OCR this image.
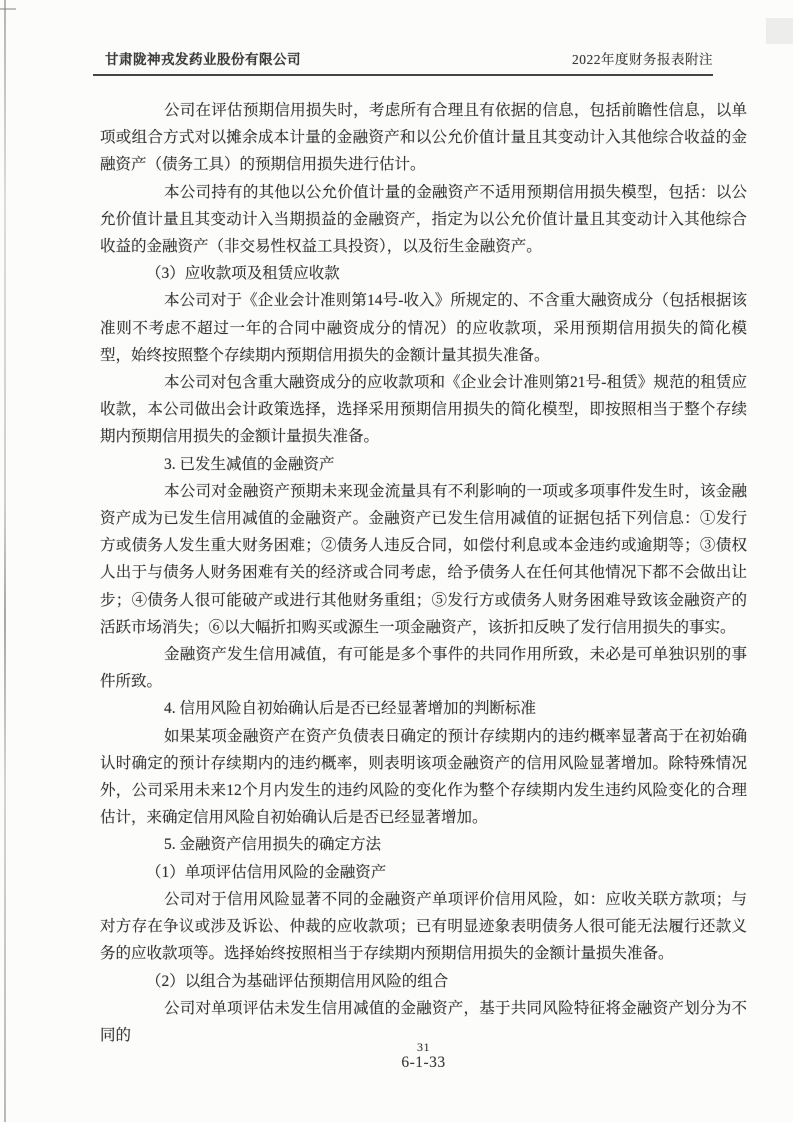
甘肃陇神戎发药业股份有限公司	2022年度财务报表附注

公司在评估预期信用损失时，考虑所有合理且有依据的信息，包括前瞻性信息，以单项或组合方式对以摊余成本计量的金融资产和以公允价值计量且其变动计入其他综合收益的金融资产（债务工具）的预期信用损失进行估计。

本公司持有的其他以公允价值计量的金融资产不适用预期信用损失模型，包括：以公允价值计量且其变动计入当期损益的金融资产，指定为以公允价值计量且其变动计入其他综合收益的金融资产（非交易性权益工具投资），以及衍生金融资产。

（3）应收款项及租赁应收款

本公司对于《企业会计准则第14号-收入》所规定的、不含重大融资成分（包括根据该准则不考虑不超过一年的合同中融资成分的情况）的应收款项，采用预期信用损失的简化模型，始终按照整个存续期内预期信用损失的金额计量其损失准备。

本公司对包含重大融资成分的应收款项和《企业会计准则第21号-租赁》规范的租赁应收款，本公司做出会计政策选择，选择采用预期信用损失的简化模型，即按照相当于整个存续期内预期信用损失的金额计量损失准备。

3. 已发生减值的金融资产

本公司对金融资产预期未来现金流量具有不利影响的一项或多项事件发生时，该金融资产成为已发生信用减值的金融资产。金融资产已发生信用减值的证据包括下列信息：①发行方或债务人发生重大财务困难；②债务人违反合同，如偿付利息或本金违约或逾期等；③债权人出于与债务人财务困难有关的经济或合同考虑，给予债务人在任何其他情况下都不会做出让步；④债务人很可能破产或进行其他财务重组；⑤发行方或债务人财务困难导致该金融资产的活跃市场消失；⑥以大幅折扣购买或源生一项金融资产，该折扣反映了发行信用损失的事实。

金融资产发生信用减值，有可能是多个事件的共同作用所致，未必是可单独识别的事件所致。

4. 信用风险自初始确认后是否已经显著增加的判断标准

如果某项金融资产在资产负债表日确定的预计存续期内的违约概率显著高于在初始确认时确定的预计存续期内的违约概率，则表明该项金融资产的信用风险显著增加。除特殊情况外，公司采用未来12个月内发生的违约风险的变化作为整个存续期内发生违约风险变化的合理估计，来确定信用风险自初始确认后是否已经显著增加。

5. 金融资产信用损失的确定方法

（1）单项评估信用风险的金融资产

公司对于信用风险显著不同的金融资产单项评价信用风险，如：应收关联方款项；与对方存在争议或涉及诉讼、仲裁的应收款项；已有明显迹象表明债务人很可能无法履行还款义务的应收款项等。选择始终按照相当于存续期内预期信用损失的金额计量损失准备。

（2）以组合为基础评估预期信用风险的组合

公司对单项评估未发生信用减值的金融资产，基于共同风险特征将金融资产划分为不同的

31
6-1-33
